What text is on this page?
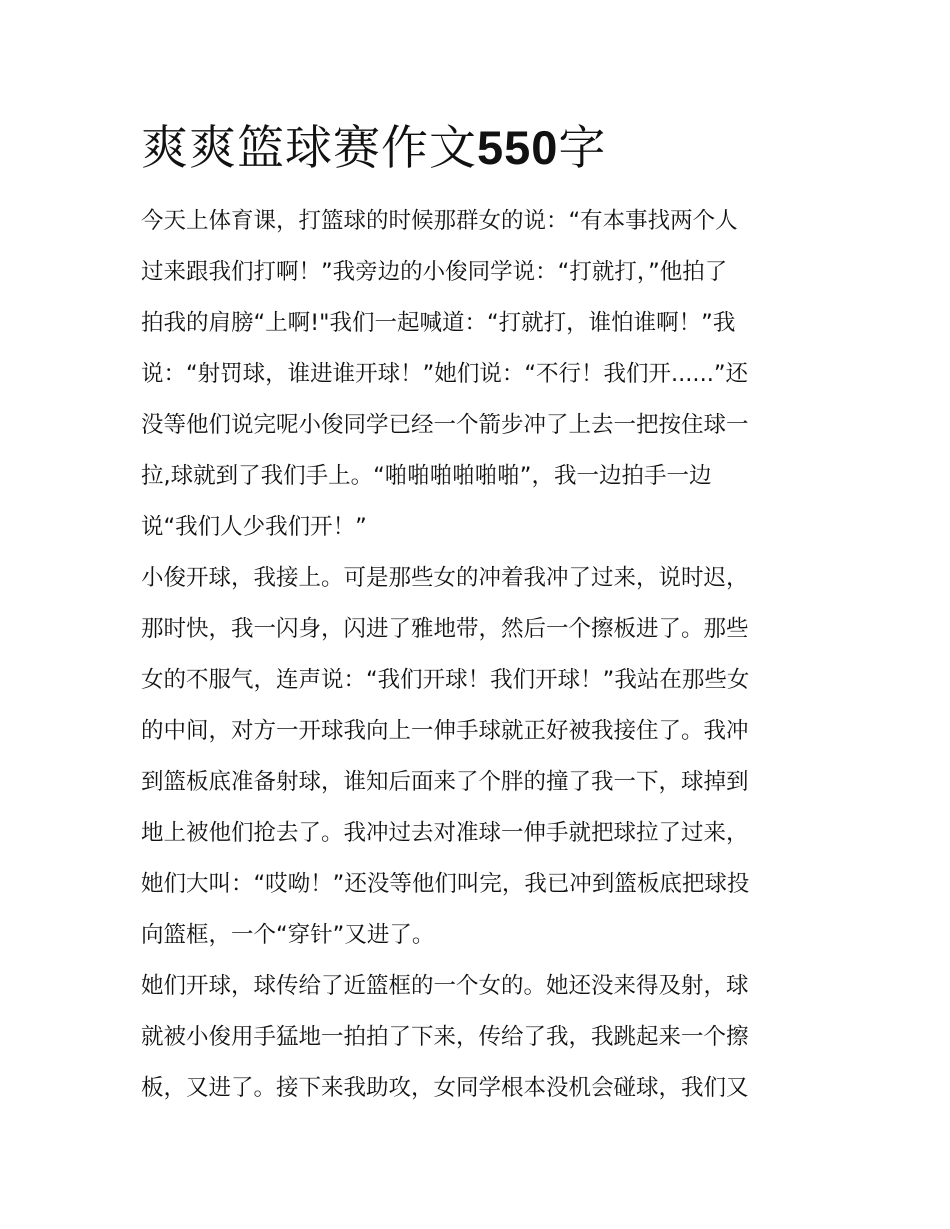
爽爽篮球赛作文550字

今天上体育课，打篮球的时候那群女的说：“有本事找两个人
过来跟我们打啊！”我旁边的小俊同学说：“打就打，”他拍了
拍我的肩膀“上啊!"我们一起喊道：“打就打，谁怕谁啊！”我
说：“射罚球，谁进谁开球！”她们说：“不行！我们开......”还
没等他们说完呢小俊同学已经一个箭步冲了上去一把按住球一
拉,球就到了我们手上。“啪啪啪啪啪啪”，我一边拍手一边
说“我们人少我们开！”

小俊开球，我接上。可是那些女的冲着我冲了过来，说时迟，
那时快，我一闪身，闪进了雅地带，然后一个擦板进了。那些
女的不服气，连声说：“我们开球！我们开球！”我站在那些女
的中间，对方一开球我向上一伸手球就正好被我接住了。我冲
到篮板底准备射球，谁知后面来了个胖的撞了我一下，球掉到
地上被他们抢去了。我冲过去对准球一伸手就把球拉了过来，
她们大叫：“哎呦！”还没等他们叫完，我已冲到篮板底把球投
向篮框，一个“穿针”又进了。

她们开球，球传给了近篮框的一个女的。她还没来得及射，球
就被小俊用手猛地一拍拍了下来，传给了我，我跳起来一个擦
板，又进了。接下来我助攻，女同学根本没机会碰球，我们又
